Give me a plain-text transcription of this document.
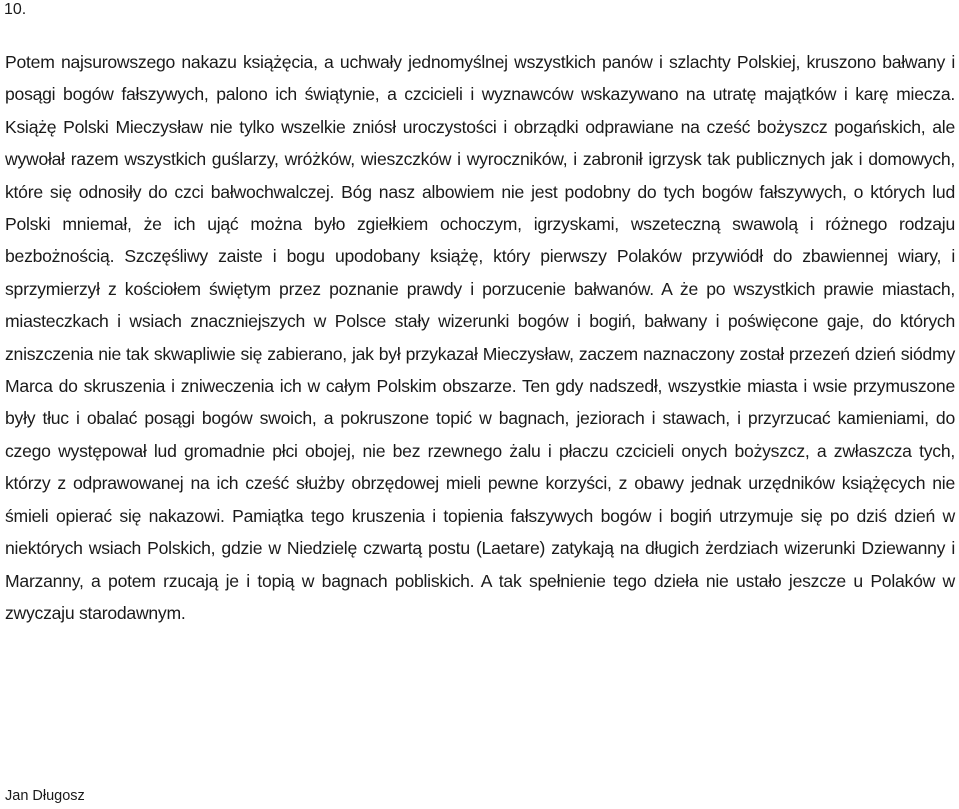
10.

Potem najsurowszego nakazu książęcia, a uchwały jednomyślnej wszystkich panów i szlachty Polskiej, kruszono bałwany i posągi bogów fałszywych, palono ich świątynie, a czcicieli i wyznawców wskazywano na utratę majątków i karę miecza. Książę Polski Mieczysław nie tylko wszelkie zniósł uroczystości i obrządki odprawiane na cześć bożyszcz pogańskich, ale wywołał razem wszystkich guślarzy, wróżków, wieszczków i wyroczników, i zabronił igrzysk tak publicznych jak i domowych, które się odnosiły do czci bałwochwalczej. Bóg nasz albowiem nie jest podobny do tych bogów fałszywych, o których lud Polski mniemał, że ich ująć można było zgiełkiem ochoczym, igrzyskami, wszeteczną swawolą i różnego rodzaju bezbożnością. Szczęśliwy zaiste i bogu upodobany książę, który pierwszy Polaków przywiódł do zbawiennej wiary, i sprzymierzył z kościołem świętym przez poznanie prawdy i porzucenie bałwanów. A że po wszystkich prawie miastach, miasteczkach i wsiach znaczniejszych w Polsce stały wizerunki bogów i bogiń, bałwany i poświęcone gaje, do których zniszczenia nie tak skwapliwie się zabierano, jak był przykazał Mieczysław, zaczem naznaczony został przezeń dzień siódmy Marca do skruszenia i zniweczenia ich w całym Polskim obszarze. Ten gdy nadszedł, wszystkie miasta i wsie przymuszone były tłuc i obalać posągi bogów swoich, a pokruszone topić w bagnach, jeziorach i stawach, i przyrzucać kamieniami, do czego występował lud gromadnie płci obojej, nie bez rzewnego żalu i płaczu czcicieli onych bożyszcz, a zwłaszcza tych, którzy z odprawowanej na ich cześć służby obrzędowej mieli pewne korzyści, z obawy jednak urzędników książęcych nie śmieli opierać się nakazowi. Pamiątka tego kruszenia i topienia fałszywych bogów i bogiń utrzymuje się po dziś dzień w niektórych wsiach Polskich, gdzie w Niedzielę czwartą postu (Laetare) zatykają na długich żerdziach wizerunki Dziewanny i Marzanny, a potem rzucają je i topią w bagnach pobliskich. A tak spełnienie tego dzieła nie ustało jeszcze u Polaków w zwyczaju starodawnym.

Jan Długosz
